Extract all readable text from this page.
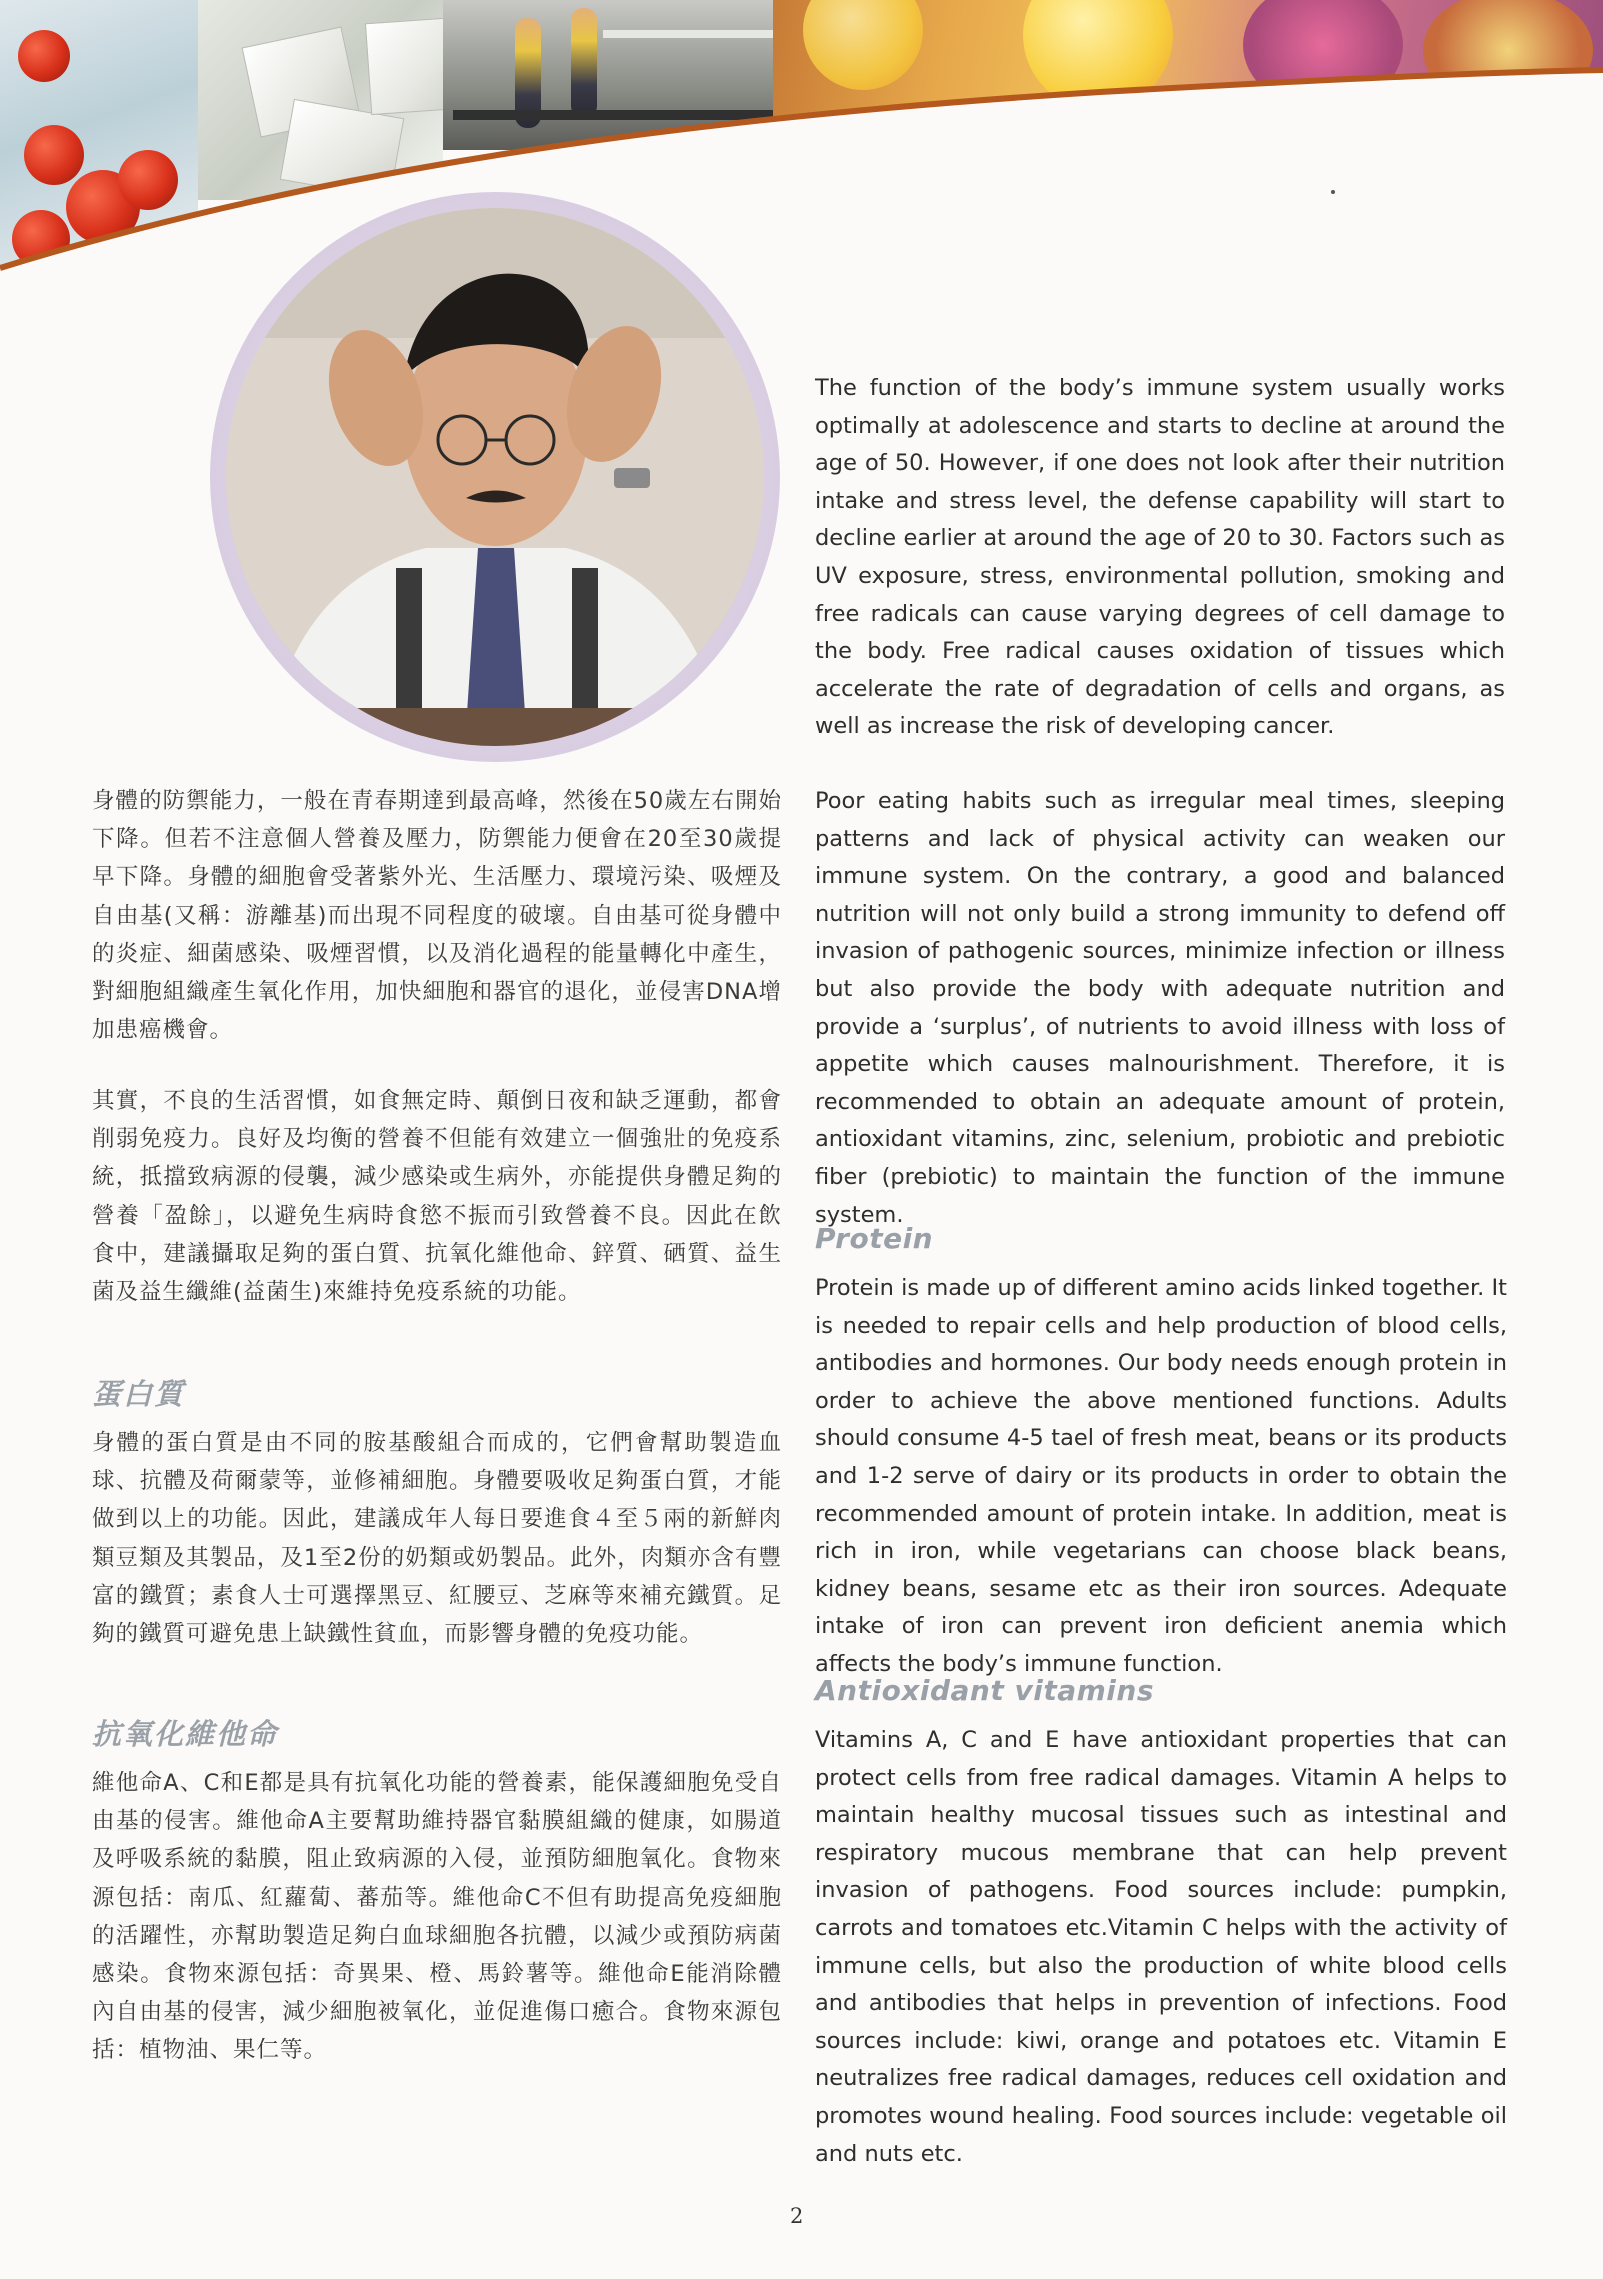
身體的防禦能力，一般在青春期達到最高峰，然後在50歲左右開始下降。但若不注意個人營養及壓力，防禦能力便會在20至30歲提早下降。身體的細胞會受著紫外光、生活壓力、環境污染、吸煙及自由基(又稱：游離基)而出現不同程度的破壞。自由基可從身體中的炎症、細菌感染、吸煙習慣，以及消化過程的能量轉化中產生，對細胞組織產生氧化作用，加快細胞和器官的退化，並侵害DNA增加患癌機會。

其實，不良的生活習慣，如食無定時、顛倒日夜和缺乏運動，都會削弱免疫力。良好及均衡的營養不但能有效建立一個強壯的免疫系統，抵擋致病源的侵襲，減少感染或生病外，亦能提供身體足夠的營養「盈餘」，以避免生病時食慾不振而引致營養不良。因此在飲食中，建議攝取足夠的蛋白質、抗氧化維他命、鋅質、硒質、益生菌及益生纖維(益菌生)來維持免疫系統的功能。

蛋白質

身體的蛋白質是由不同的胺基酸組合而成的，它們會幫助製造血球、抗體及荷爾蒙等，並修補細胞。身體要吸收足夠蛋白質，才能做到以上的功能。因此，建議成年人每日要進食４至５兩的新鮮肉類豆類及其製品，及1至2份的奶類或奶製品。此外，肉類亦含有豐富的鐵質；素食人士可選擇黑豆、紅腰豆、芝麻等來補充鐵質。足夠的鐵質可避免患上缺鐵性貧血，而影響身體的免疫功能。

抗氧化維他命

維他命A、C和E都是具有抗氧化功能的營養素，能保護細胞免受自由基的侵害。維他命A主要幫助維持器官黏膜組織的健康，如腸道及呼吸系統的黏膜，阻止致病源的入侵，並預防細胞氧化。食物來源包括：南瓜、紅蘿蔔、蕃茄等。維他命C不但有助提高免疫細胞的活躍性，亦幫助製造足夠白血球細胞各抗體，以減少或預防病菌感染。食物來源包括：奇異果、橙、馬鈴薯等。維他命E能消除體內自由基的侵害，減少細胞被氧化，並促進傷口癒合。食物來源包括：植物油、果仁等。

The function of the body’s immune system usually works optimally at adolescence and starts to decline at around the age of 50. However, if one does not look after their nutrition intake and stress level, the defense capability will start to decline earlier at around the age of 20 to 30. Factors such as UV exposure, stress, environmental pollution, smoking and free radicals can cause varying degrees of cell damage to the body. Free radical causes oxidation of tissues which accelerate the rate of degradation of cells and organs, as well as increase the risk of developing cancer.

Poor eating habits such as irregular meal times, sleeping patterns and lack of physical activity can weaken our immune system. On the contrary, a good and balanced nutrition will not only build a strong immunity to defend off invasion of pathogenic sources, minimize infection or illness but also provide the body with adequate nutrition and provide a ‘surplus’, of nutrients to avoid illness with loss of appetite which causes malnourishment. Therefore, it is recommended to obtain an adequate amount of protein, antioxidant vitamins, zinc, selenium, probiotic and prebiotic fiber (prebiotic) to maintain the function of the immune system.

Protein

Protein is made up of different amino acids linked together. It is needed to repair cells and help production of blood cells, antibodies and hormones. Our body needs enough protein in order to achieve the above mentioned functions. Adults should consume 4-5 tael of fresh meat, beans or its products and 1-2 serve of dairy or its products in order to obtain the recommended amount of protein intake. In addition, meat is rich in iron, while vegetarians can choose black beans, kidney beans, sesame etc as their iron sources. Adequate intake of iron can prevent iron deficient anemia which affects the body’s immune function.

Antioxidant vitamins

Vitamins A, C and E have antioxidant properties that can protect cells from free radical damages. Vitamin A helps to maintain healthy mucosal tissues such as intestinal and respiratory mucous membrane that can help prevent invasion of pathogens. Food sources include: pumpkin, carrots and tomatoes etc.Vitamin C helps with the activity of immune cells, but also the production of white blood cells and antibodies that helps in prevention of infections. Food sources include: kiwi, orange and potatoes etc. Vitamin E neutralizes free radical damages, reduces cell oxidation and promotes wound healing. Food sources include: vegetable oil and nuts etc.

2
